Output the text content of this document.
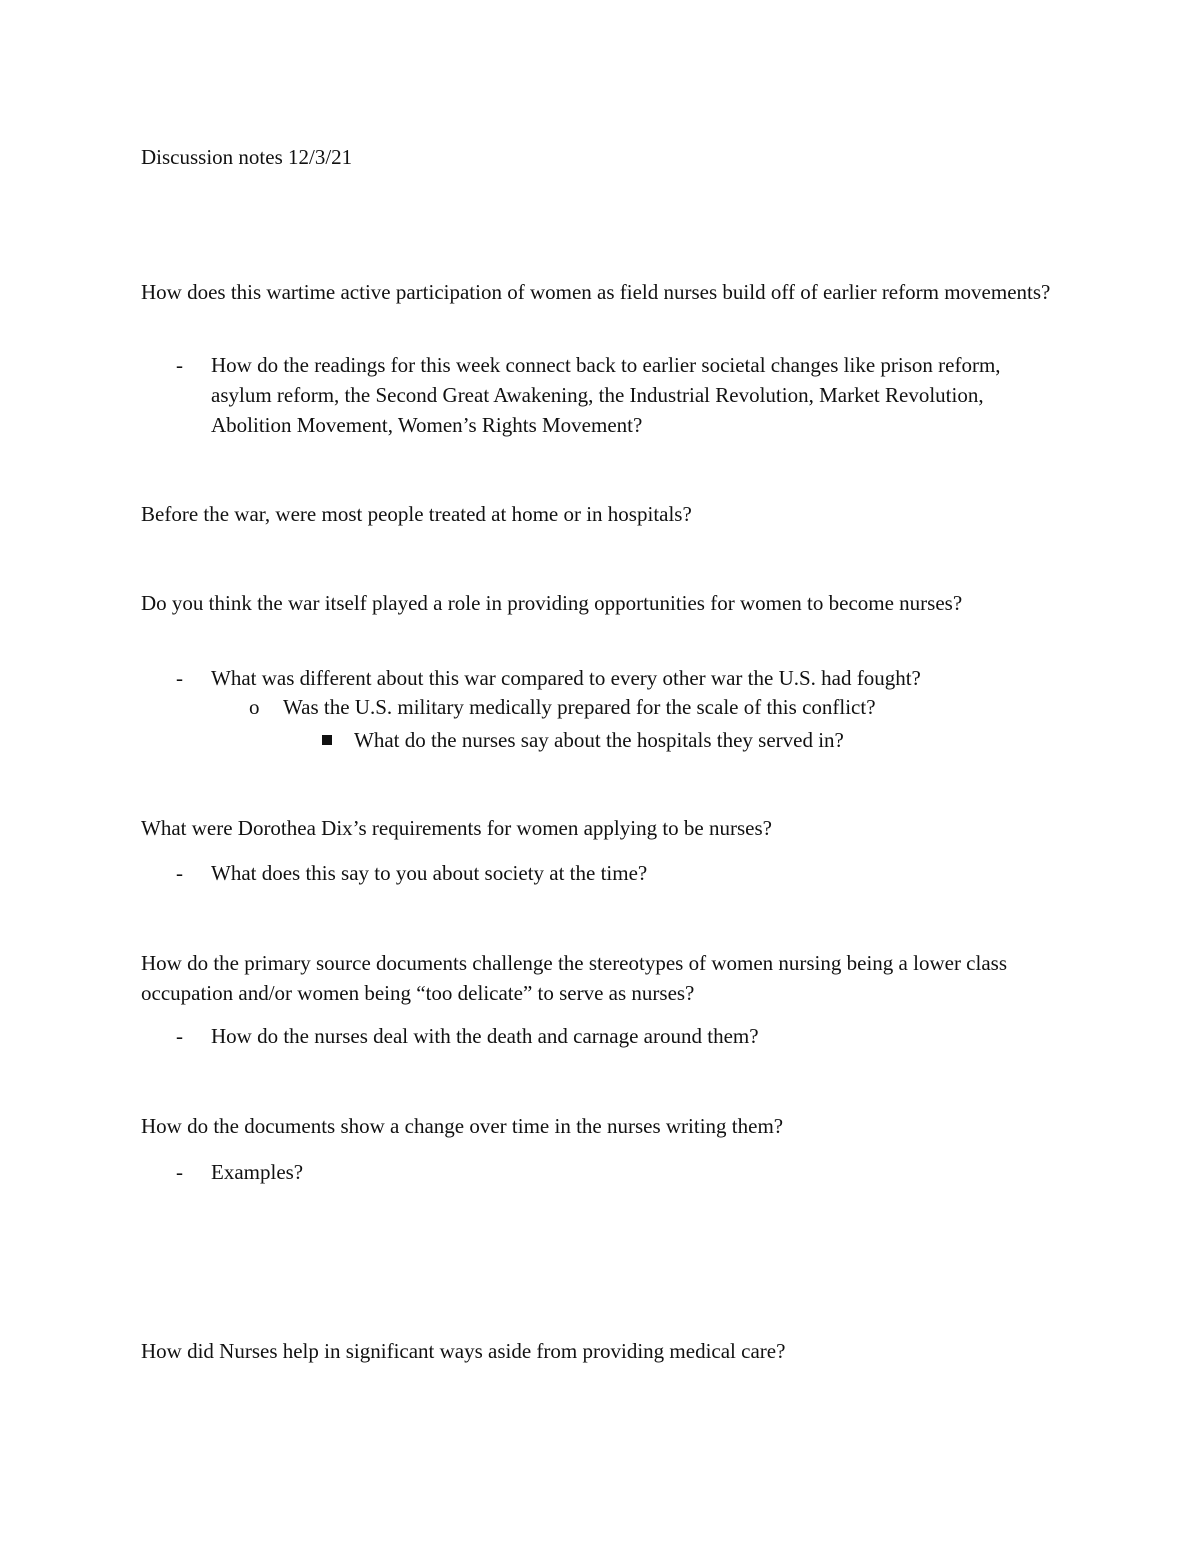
Discussion notes 12/3/21
How does this wartime active participation of women as field nurses build off of earlier reform movements?
- How do the readings for this week connect back to earlier societal changes like prison reform, asylum reform, the Second Great Awakening, the Industrial Revolution, Market Revolution, Abolition Movement, Women’s Rights Movement?
Before the war, were most people treated at home or in hospitals?
Do you think the war itself played a role in providing opportunities for women to become nurses?
- What was different about this war compared to every other war the U.S. had fought?
o Was the U.S. military medically prepared for the scale of this conflict?
What do the nurses say about the hospitals they served in?
What were Dorothea Dix’s requirements for women applying to be nurses?
- What does this say to you about society at the time?
How do the primary source documents challenge the stereotypes of women nursing being a lower class occupation and/or women being “too delicate” to serve as nurses?
- How do the nurses deal with the death and carnage around them?
How do the documents show a change over time in the nurses writing them?
- Examples?
How did Nurses help in significant ways aside from providing medical care?
